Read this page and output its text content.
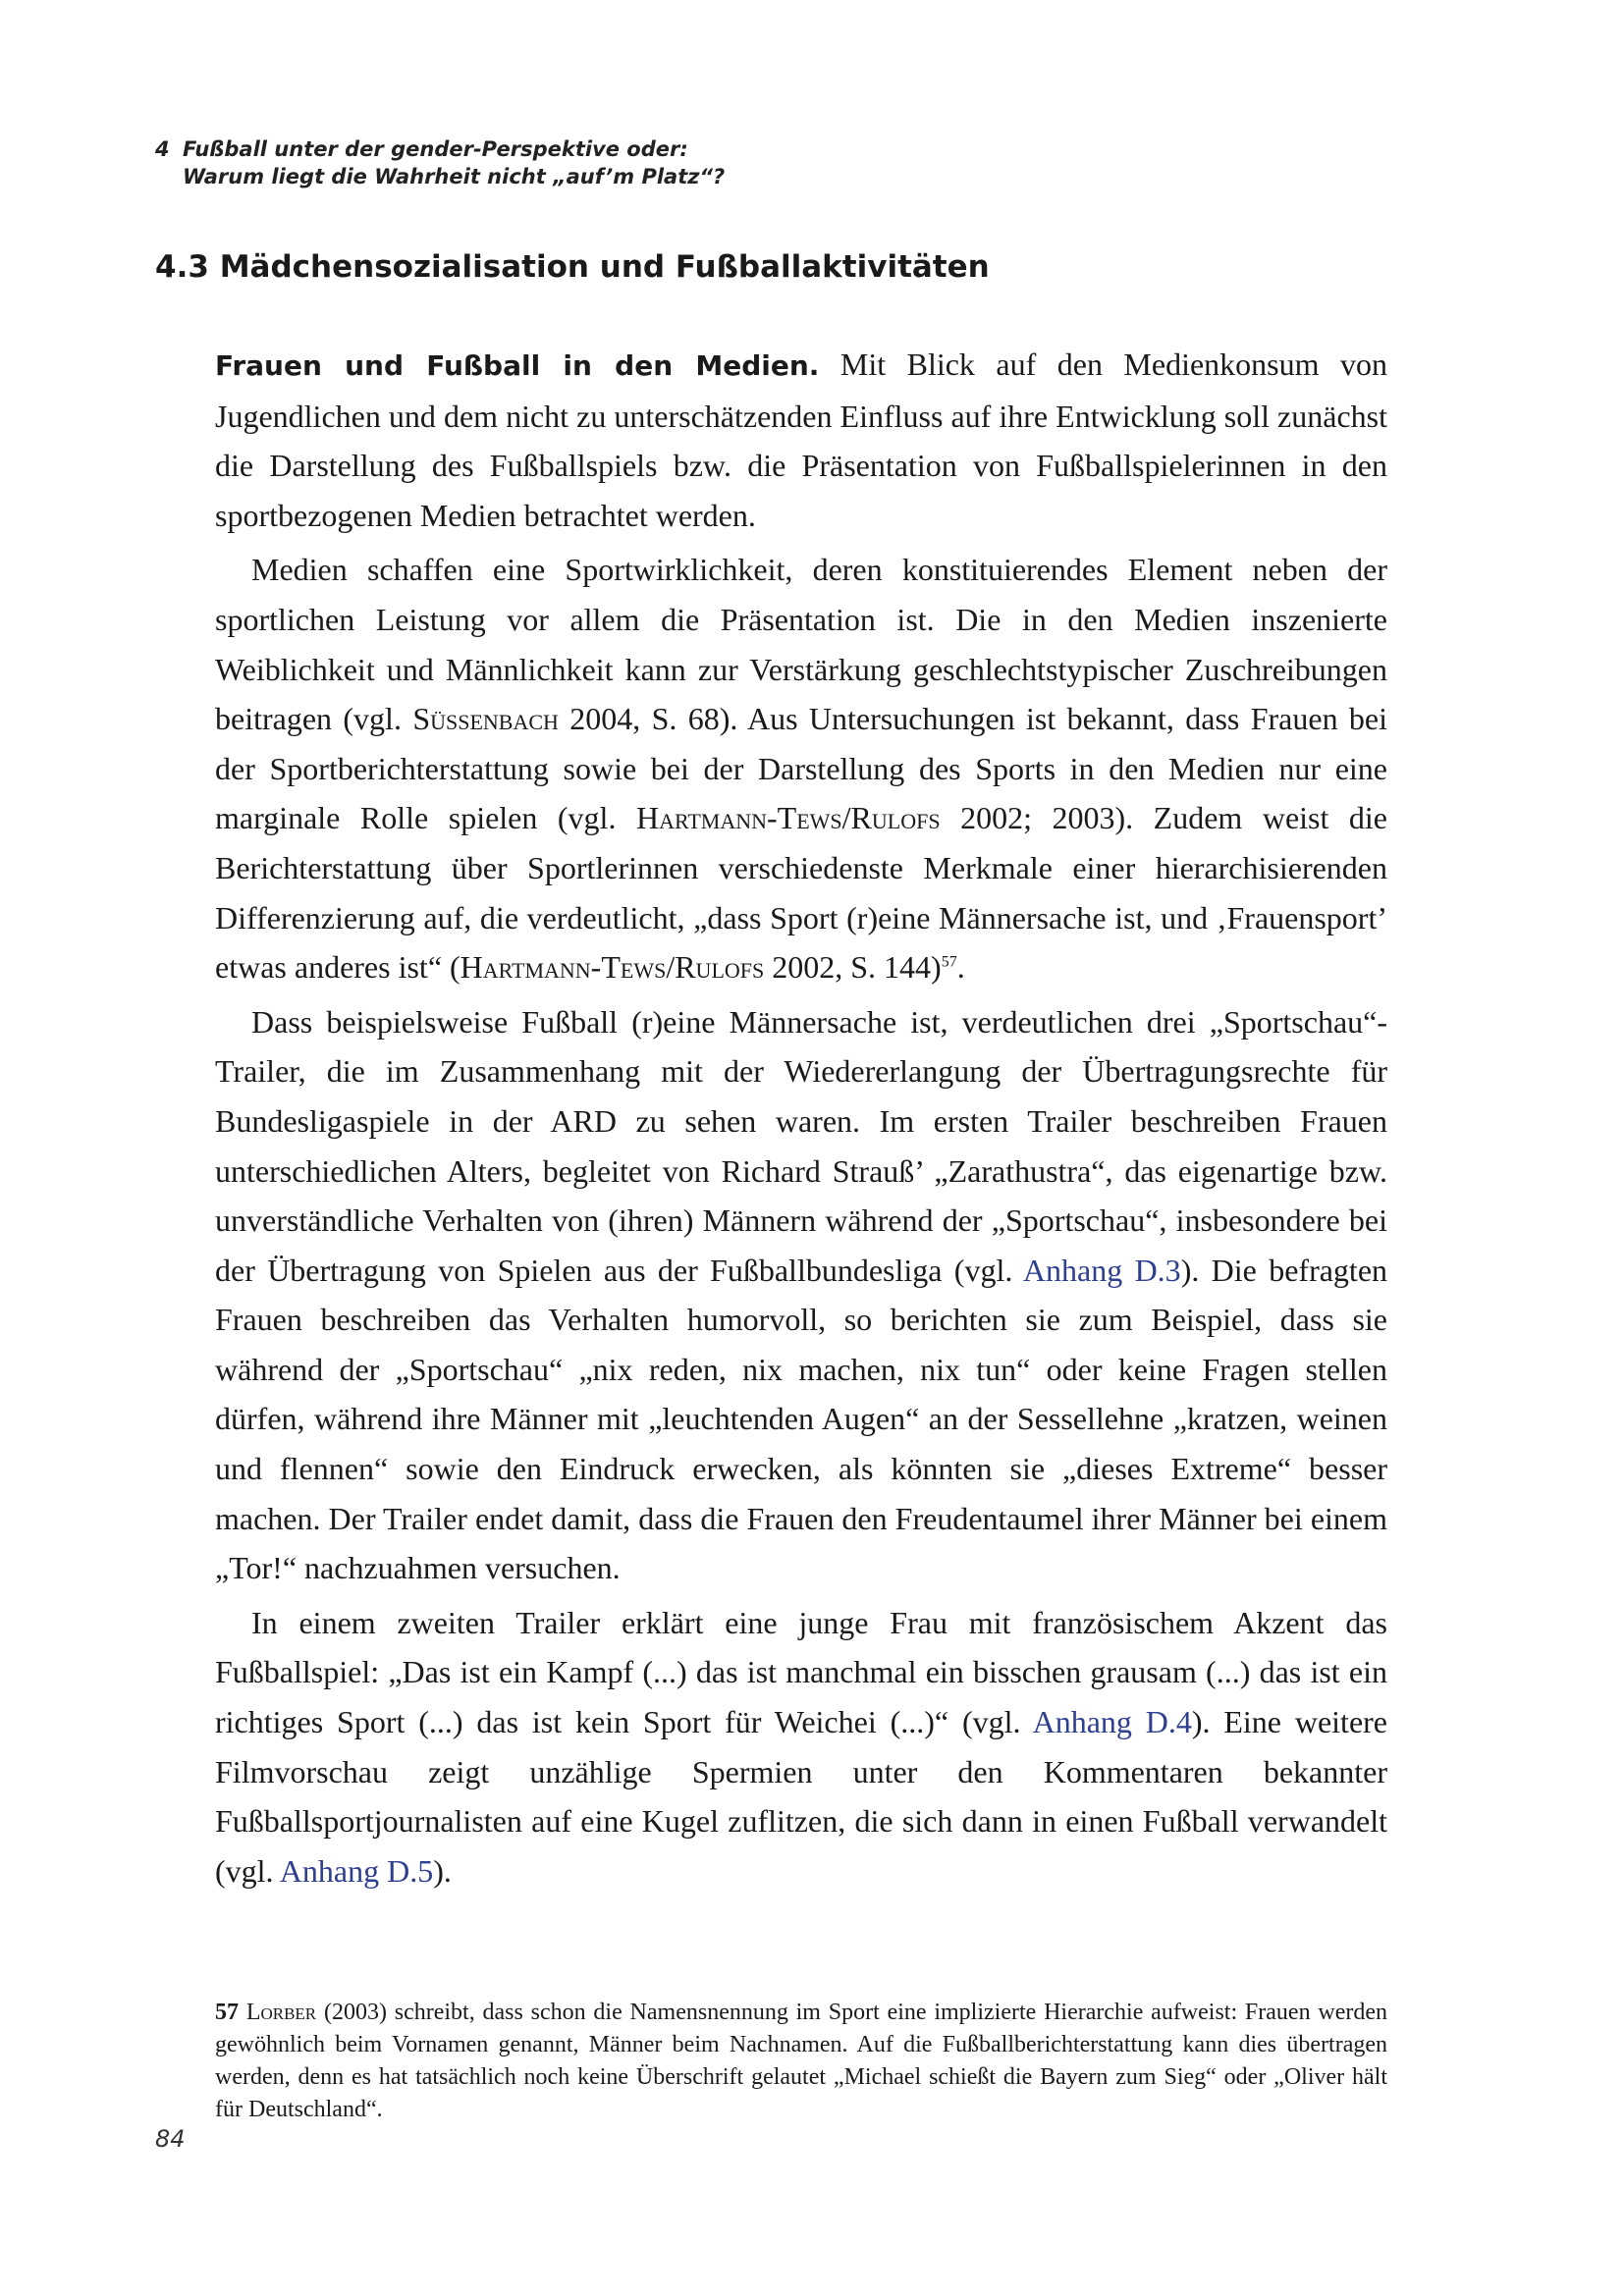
4 Fußball unter der gender-Perspektive oder:
Warum liegt die Wahrheit nicht „auf’m Platz“?
4.3 Mädchensozialisation und Fußballaktivitäten

Frauen und Fußball in den Medien. Mit Blick auf den Medienkonsum von Jugendlichen und dem nicht zu unterschätzenden Einfluss auf ihre Entwicklung soll zunächst die Darstellung des Fußballspiels bzw. die Präsentation von Fußballspielerinnen in den sportbezogenen Medien betrachtet werden.

Medien schaffen eine Sportwirklichkeit, deren konstituierendes Element neben der sportlichen Leistung vor allem die Präsentation ist. Die in den Medien inszenierte Weiblichkeit und Männlichkeit kann zur Verstärkung geschlechtstypischer Zuschreibungen beitragen (vgl. Süßenbach 2004, S. 68). Aus Untersuchungen ist bekannt, dass Frauen bei der Sportberichterstattung sowie bei der Darstellung des Sports in den Medien nur eine marginale Rolle spielen (vgl. Hartmann-Tews/Rulofs 2002; 2003). Zudem weist die Berichterstattung über Sportlerinnen verschiedenste Merkmale einer hierarchisierenden Differenzierung auf, die verdeutlicht, „dass Sport (r)eine Männersache ist, und ‚Frauensport’ etwas anderes ist“ (Hartmann-Tews/Rulofs 2002, S. 144)$^{57}$.

Dass beispielsweise Fußball (r)eine Männersache ist, verdeutlichen drei „Sportschau“-Trailer, die im Zusammenhang mit der Wiedererlangung der Übertragungsrechte für Bundesligaspiele in der ARD zu sehen waren. Im ersten Trailer beschreiben Frauen unterschiedlichen Alters, begleitet von Richard Strauß’ „Zarathustra“, das eigenartige bzw. unverständliche Verhalten von (ihren) Männern während der „Sportschau“, insbesondere bei der Übertragung von Spielen aus der Fußballbundesliga (vgl. Anhang D.3). Die befragten Frauen beschreiben das Verhalten humorvoll, so berichten sie zum Beispiel, dass sie während der „Sportschau“ „nix reden, nix machen, nix tun“ oder keine Fragen stellen dürfen, während ihre Männer mit „leuchtenden Augen“ an der Sessellehne „kratzen, weinen und flennen“ sowie den Eindruck erwecken, als könnten sie „dieses Extreme“ besser machen. Der Trailer endet damit, dass die Frauen den Freudentaumel ihrer Männer bei einem „Tor!“ nachzuahmen versuchen.

In einem zweiten Trailer erklärt eine junge Frau mit französischem Akzent das Fußballspiel: „Das ist ein Kampf (...) das ist manchmal ein bisschen grausam (...) das ist ein richtiges Sport (...) das ist kein Sport für Weichei (...)“ (vgl. Anhang D.4). Eine weitere Filmvorschau zeigt unzählige Spermien unter den Kommentaren bekannter Fußballsportjournalisten auf eine Kugel zuflitzen, die sich dann in einen Fußball verwandelt (vgl. Anhang D.5).

57 Lorber (2003) schreibt, dass schon die Namensnennung im Sport eine implizierte Hierarchie aufweist: Frauen werden gewöhnlich beim Vornamen genannt, Männer beim Nachnamen. Auf die Fußballberichterstattung kann dies übertragen werden, denn es hat tatsächlich noch keine Überschrift gelautet „Michael schießt die Bayern zum Sieg“ oder „Oliver hält für Deutschland“.
84
